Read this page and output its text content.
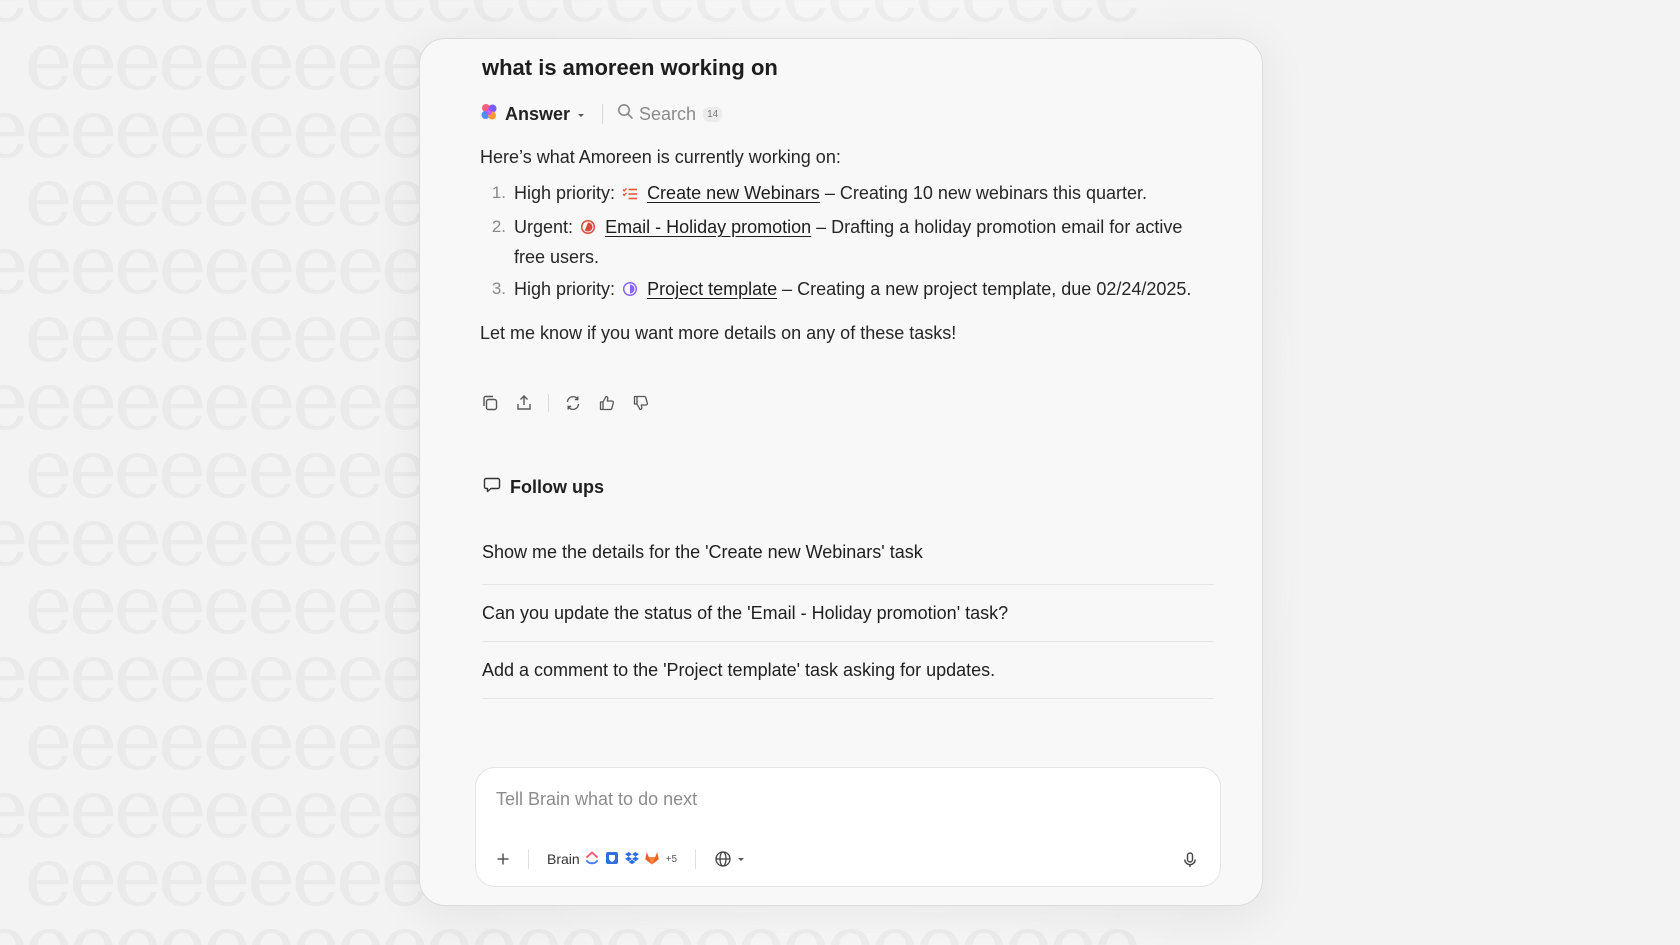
what is amoreen working on
Answer	Search	14

Here’s what Amoreen is currently working on:

1. High priority: Create new Webinars – Creating 10 new webinars this quarter.
2. Urgent: Email - Holiday promotion – Drafting a holiday promotion email for active free users.
3. High priority: Project template – Creating a new project template, due 02/24/2025.

Let me know if you want more details on any of these tasks!

Follow ups
Show me the details for the 'Create new Webinars' task
Can you update the status of the 'Email - Holiday promotion' task?
Add a comment to the 'Project template' task asking for updates.
Tell Brain what to do next
Brain	+5
